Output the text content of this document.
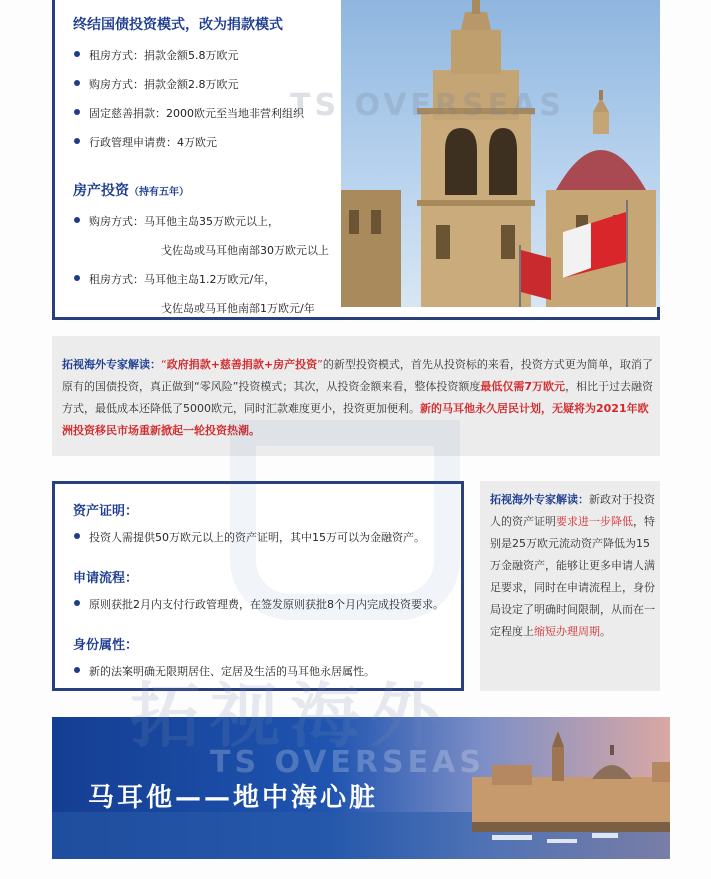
终结国债投资模式，改为捐款模式
租房方式：捐款金额5.8万欧元
购房方式：捐款金额2.8万欧元
固定慈善捐款：2000欧元至当地非营利组织
行政管理申请费：4万欧元
房产投资（持有五年）
购房方式：马耳他主岛35万欧元以上，
戈佐岛或马耳他南部30万欧元以上
租房方式：马耳他主岛1.2万欧元/年，
戈佐岛或马耳他南部1万欧元/年

拓视海外专家解读：“政府捐款+慈善捐款+房产投资”的新型投资模式，首先从投资标的来看，投资方式更为简单，取消了原有的国债投资，真正做到“零风险”投资模式；其次，从投资金额来看，整体投资额度最低仅需7万欧元，相比于过去融资方式，最低成本还降低了5000欧元，同时汇款难度更小，投资更加便利。新的马耳他永久居民计划，无疑将为2021年欧洲投资移民市场重新掀起一轮投资热潮。

资产证明：
投资人需提供50万欧元以上的资产证明，其中15万可以为金融资产。
申请流程：
原则获批2月内支付行政管理费，在签发原则获批8个月内完成投资要求。
身份属性：
新的法案明确无限期居住、定居及生活的马耳他永居属性。

拓视海外专家解读：新政对于投资人的资产证明要求进一步降低，特别是25万欧元流动资产降低为15万金融资产，能够让更多申请人满足要求，同时在申请流程上，身份局设定了明确时间限制，从而在一定程度上缩短办理周期。

马耳他——地中海心脏
TS OVERSEAS
拓视海外
TS OVERSEAS
